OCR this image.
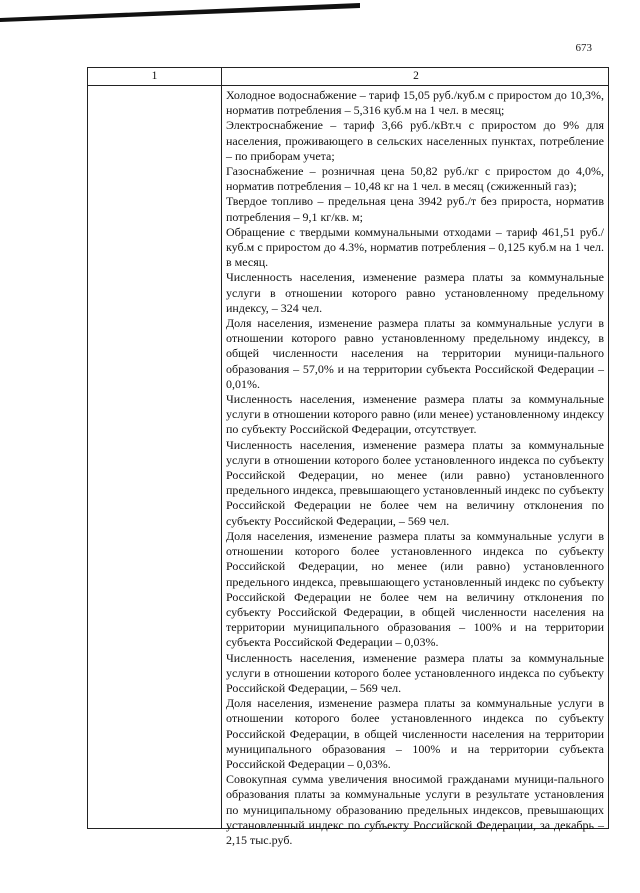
673
1	2

Холодное водоснабжение – тариф 15,05 руб./куб.м с приростом до 10,3%, норматив потребления – 5,316 куб.м на 1 чел. в месяц;

Электроснабжение – тариф 3,66 руб./кВт.ч с приростом до 9% для населения, проживающего в сельских населенных пунктах, потребление – по приборам учета;

Газоснабжение – розничная цена 50,82 руб./кг с приростом до 4,0%, норматив потребления – 10,48 кг на 1 чел. в месяц (сжиженный газ);

Твердое топливо – предельная цена 3942 руб./т без прироста, норматив потребления – 9,1 кг/кв. м;

Обращение с твердыми коммунальными отходами – тариф 461,51 руб./куб.м с приростом до 4.3%, норматив потребления – 0,125 куб.м на 1 чел. в месяц.

Численность населения, изменение размера платы за коммунальные услуги в отношении которого равно установленному предельному индексу, – 324 чел.

Доля населения, изменение размера платы за коммунальные услуги в отношении которого равно установленному предельному индексу, в общей численности населения на территории муници-пального образования – 57,0% и на территории субъекта Российской Федерации – 0,01%.

Численность населения, изменение размера платы за коммунальные услуги в отношении которого равно (или менее) установленному индексу по субъекту Российской Федерации, отсутствует.

Численность населения, изменение размера платы за коммунальные услуги в отношении которого более установленного индекса по субъекту Российской Федерации, но менее (или равно) установленного предельного индекса, превышающего установленный индекс по субъекту Российской Федерации не более чем на величину отклонения по субъекту Российской Федерации, – 569 чел.

Доля населения, изменение размера платы за коммунальные услуги в отношении которого более установленного индекса по субъекту Российской Федерации, но менее (или равно) установленного предельного индекса, превышающего установленный индекс по субъекту Российской Федерации не более чем на величину отклонения по субъекту Российской Федерации, в общей численности населения на территории муниципального образования – 100% и на территории субъекта Российской Федерации – 0,03%.

Численность населения, изменение размера платы за коммунальные услуги в отношении которого более установленного индекса по субъекту Российской Федерации, – 569 чел.

Доля населения, изменение размера платы за коммунальные услуги в отношении которого более установленного индекса по субъекту Российской Федерации, в общей численности населения на территории муниципального образования – 100% и на территории субъекта Российской Федерации – 0,03%.

Совокупная сумма увеличения вносимой гражданами муници-пального образования платы за коммунальные услуги в результате установления по муниципальному образованию предельных индексов, превышающих установленный индекс по субъекту Российской Федерации, за декабрь – 2,15 тыс.руб.
